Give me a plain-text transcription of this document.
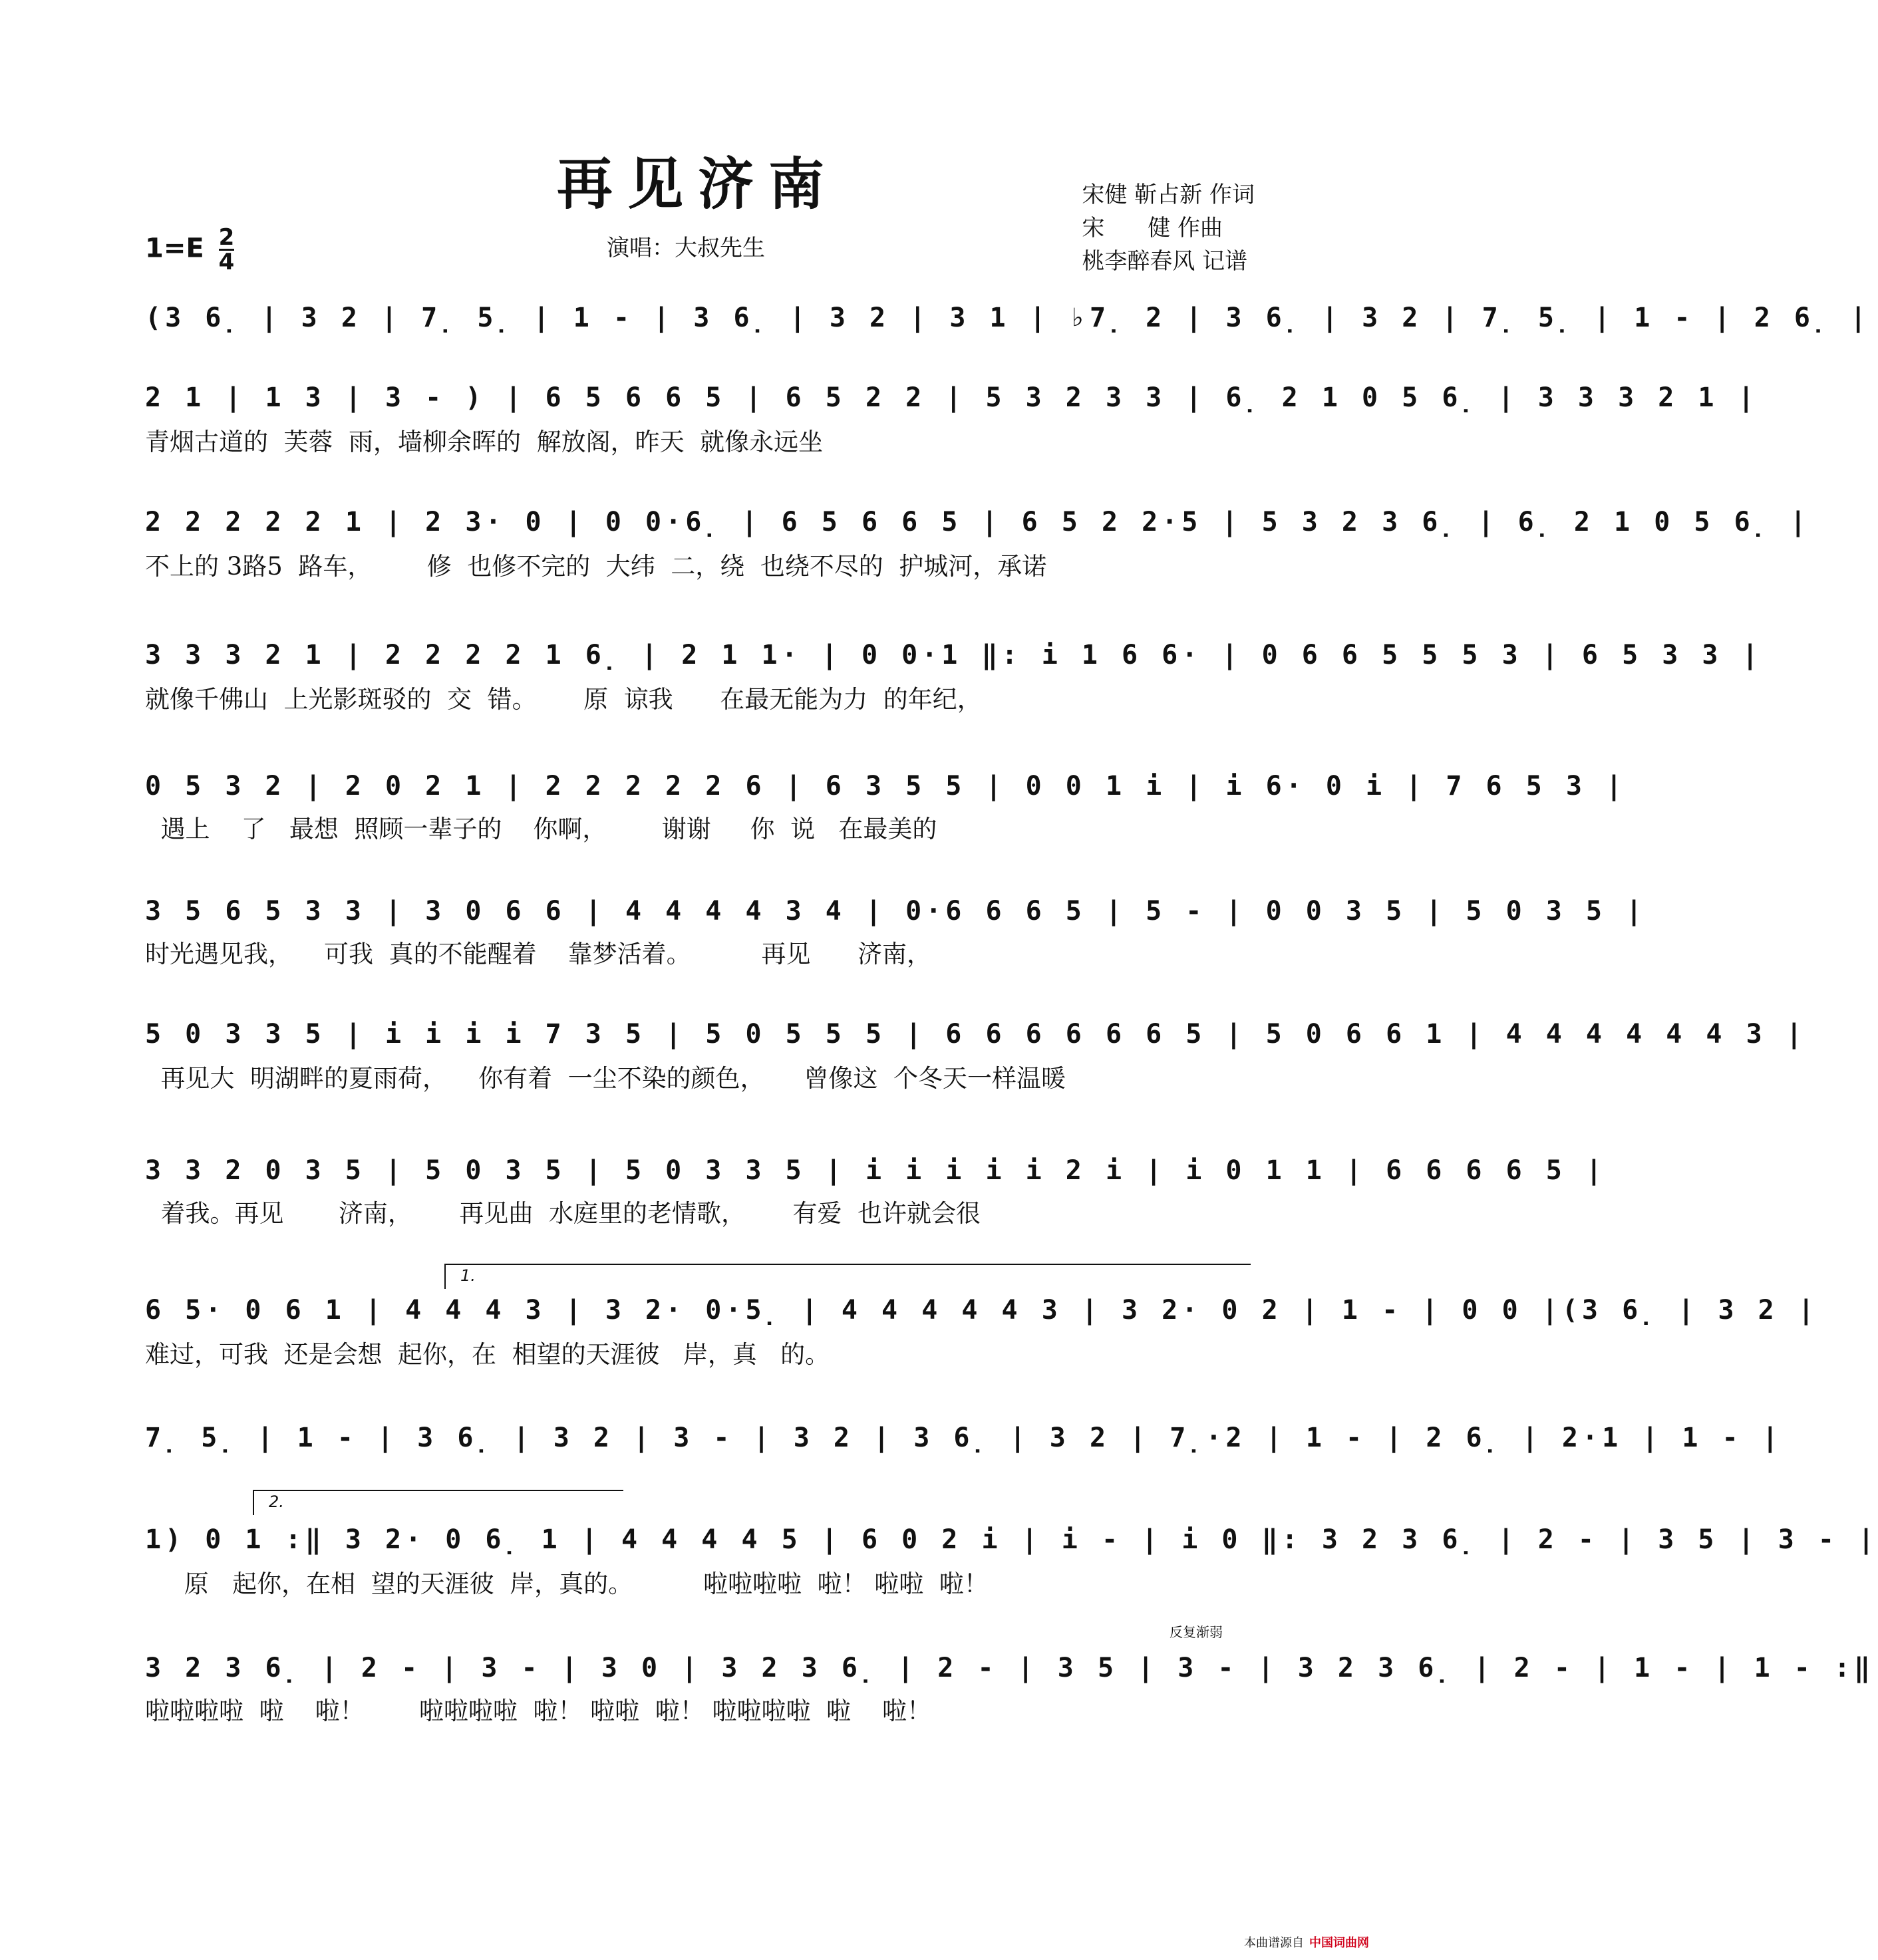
再见济南	宋健 靳占新 作词
宋      健 作曲
桃李醉春风 记谱
$1=E \frac{2}{4}$	演唱：大叔先生
(3 6̣ | 3 2 | 7̣ 5̣ | 1 - | 3 6̣ | 3 2 | 3 1 | ♭7̣ 2 | 3 6̣ | 3 2 | 7̣ 5̣ | 1 - | 2 6̣ |
2 1 | 1 3 | 3 - ) | 6 5 6 6 5 | 6 5 2 2 | 5 3 2 3 3 | 6̣ 2 1 0 5 6̣ | 3 3 3 2 1 |
青烟古道的  芙蓉  雨，墙柳余晖的  解放阁，昨天  就像永远坐
2 2 2 2 2 1 | 2 3· 0 | 0 0·6̣ | 6 5 6 6 5 | 6 5 2 2·5 | 5 3 2 3 6̣ | 6̣ 2 1 0 5 6̣ |
不上的 3路5  路车，       修  也修不完的  大纬  二，绕  也绕不尽的  护城河，承诺
3 3 3 2 1 | 2 2 2 2 1 6̣ | 2 1 1· | 0 0·1 ‖: i 1 6 6· | 0 6 6 5 5 5 3 | 6 5 3 3 |
就像千佛山  上光影斑驳的  交  错。      原  谅我      在最无能为力  的年纪，
0 5 3 2 | 2 0 2 1 | 2 2 2 2 2 6 | 6 3 5 5 | 0 0 1 i | i 6· 0 i | 7 6 5 3 |
遇上    了   最想  照顾一辈子的    你啊，       谢谢     你  说   在最美的
3 5 6 5 3 3 | 3 0 6 6 | 4 4 4 4 3 4 | 0·6 6 6 5 | 5 - | 0 0 3 5 | 5 0 3 5 |
时光遇见我，    可我  真的不能醒着    靠梦活着。         再见      济南，
5 0 3 3 5 | i i i i 7 3 5 | 5 0 5 5 5 | 6 6 6 6 6 6 5 | 5 0 6 6 1 | 4 4 4 4 4 4 3 |
再见大  明湖畔的夏雨荷，    你有着  一尘不染的颜色，     曾像这  个冬天一样温暖
3 3 2 0 3 5 | 5 0 3 5 | 5 0 3 3 5 | i i i i i 2 i | i 0 1 1 | 6 6 6 6 5 |
着我。再见       济南，      再见曲  水庭里的老情歌，      有爱  也许就会很
1.
6 5· 0 6 1 | 4 4 4 3 | 3 2· 0·5̣ | 4 4 4 4 4 3 | 3 2· 0 2 | 1 - | 0 0 |(3 6̣ | 3 2 |
难过，可我  还是会想  起你，在  相望的天涯彼   岸，真   的。
7̣ 5̣ | 1 - | 3 6̣ | 3 2 | 3 - | 3 2 | 3 6̣ | 3 2 | 7̣·2 | 1 - | 2 6̣ | 2·1 | 1 - |
2.
1) 0 1 :‖ 3 2· 0 6̣ 1 | 4 4 4 4 5 | 6 0 2 i | i - | i 0 ‖: 3 2 3 6̣ | 2 - | 3 5 | 3 - |
原   起你，在相  望的天涯彼  岸，真的。         啦啦啦啦  啦！ 啦啦  啦！
反复渐弱
3 2 3 6̣ | 2 - | 3 - | 3 0 | 3 2 3 6̣ | 2 - | 3 5 | 3 - | 3 2 3 6̣ | 2 - | 1 - | 1 - :‖
啦啦啦啦  啦    啦！       啦啦啦啦  啦！ 啦啦  啦！ 啦啦啦啦  啦    啦！
本曲谱源自 中国词曲网
